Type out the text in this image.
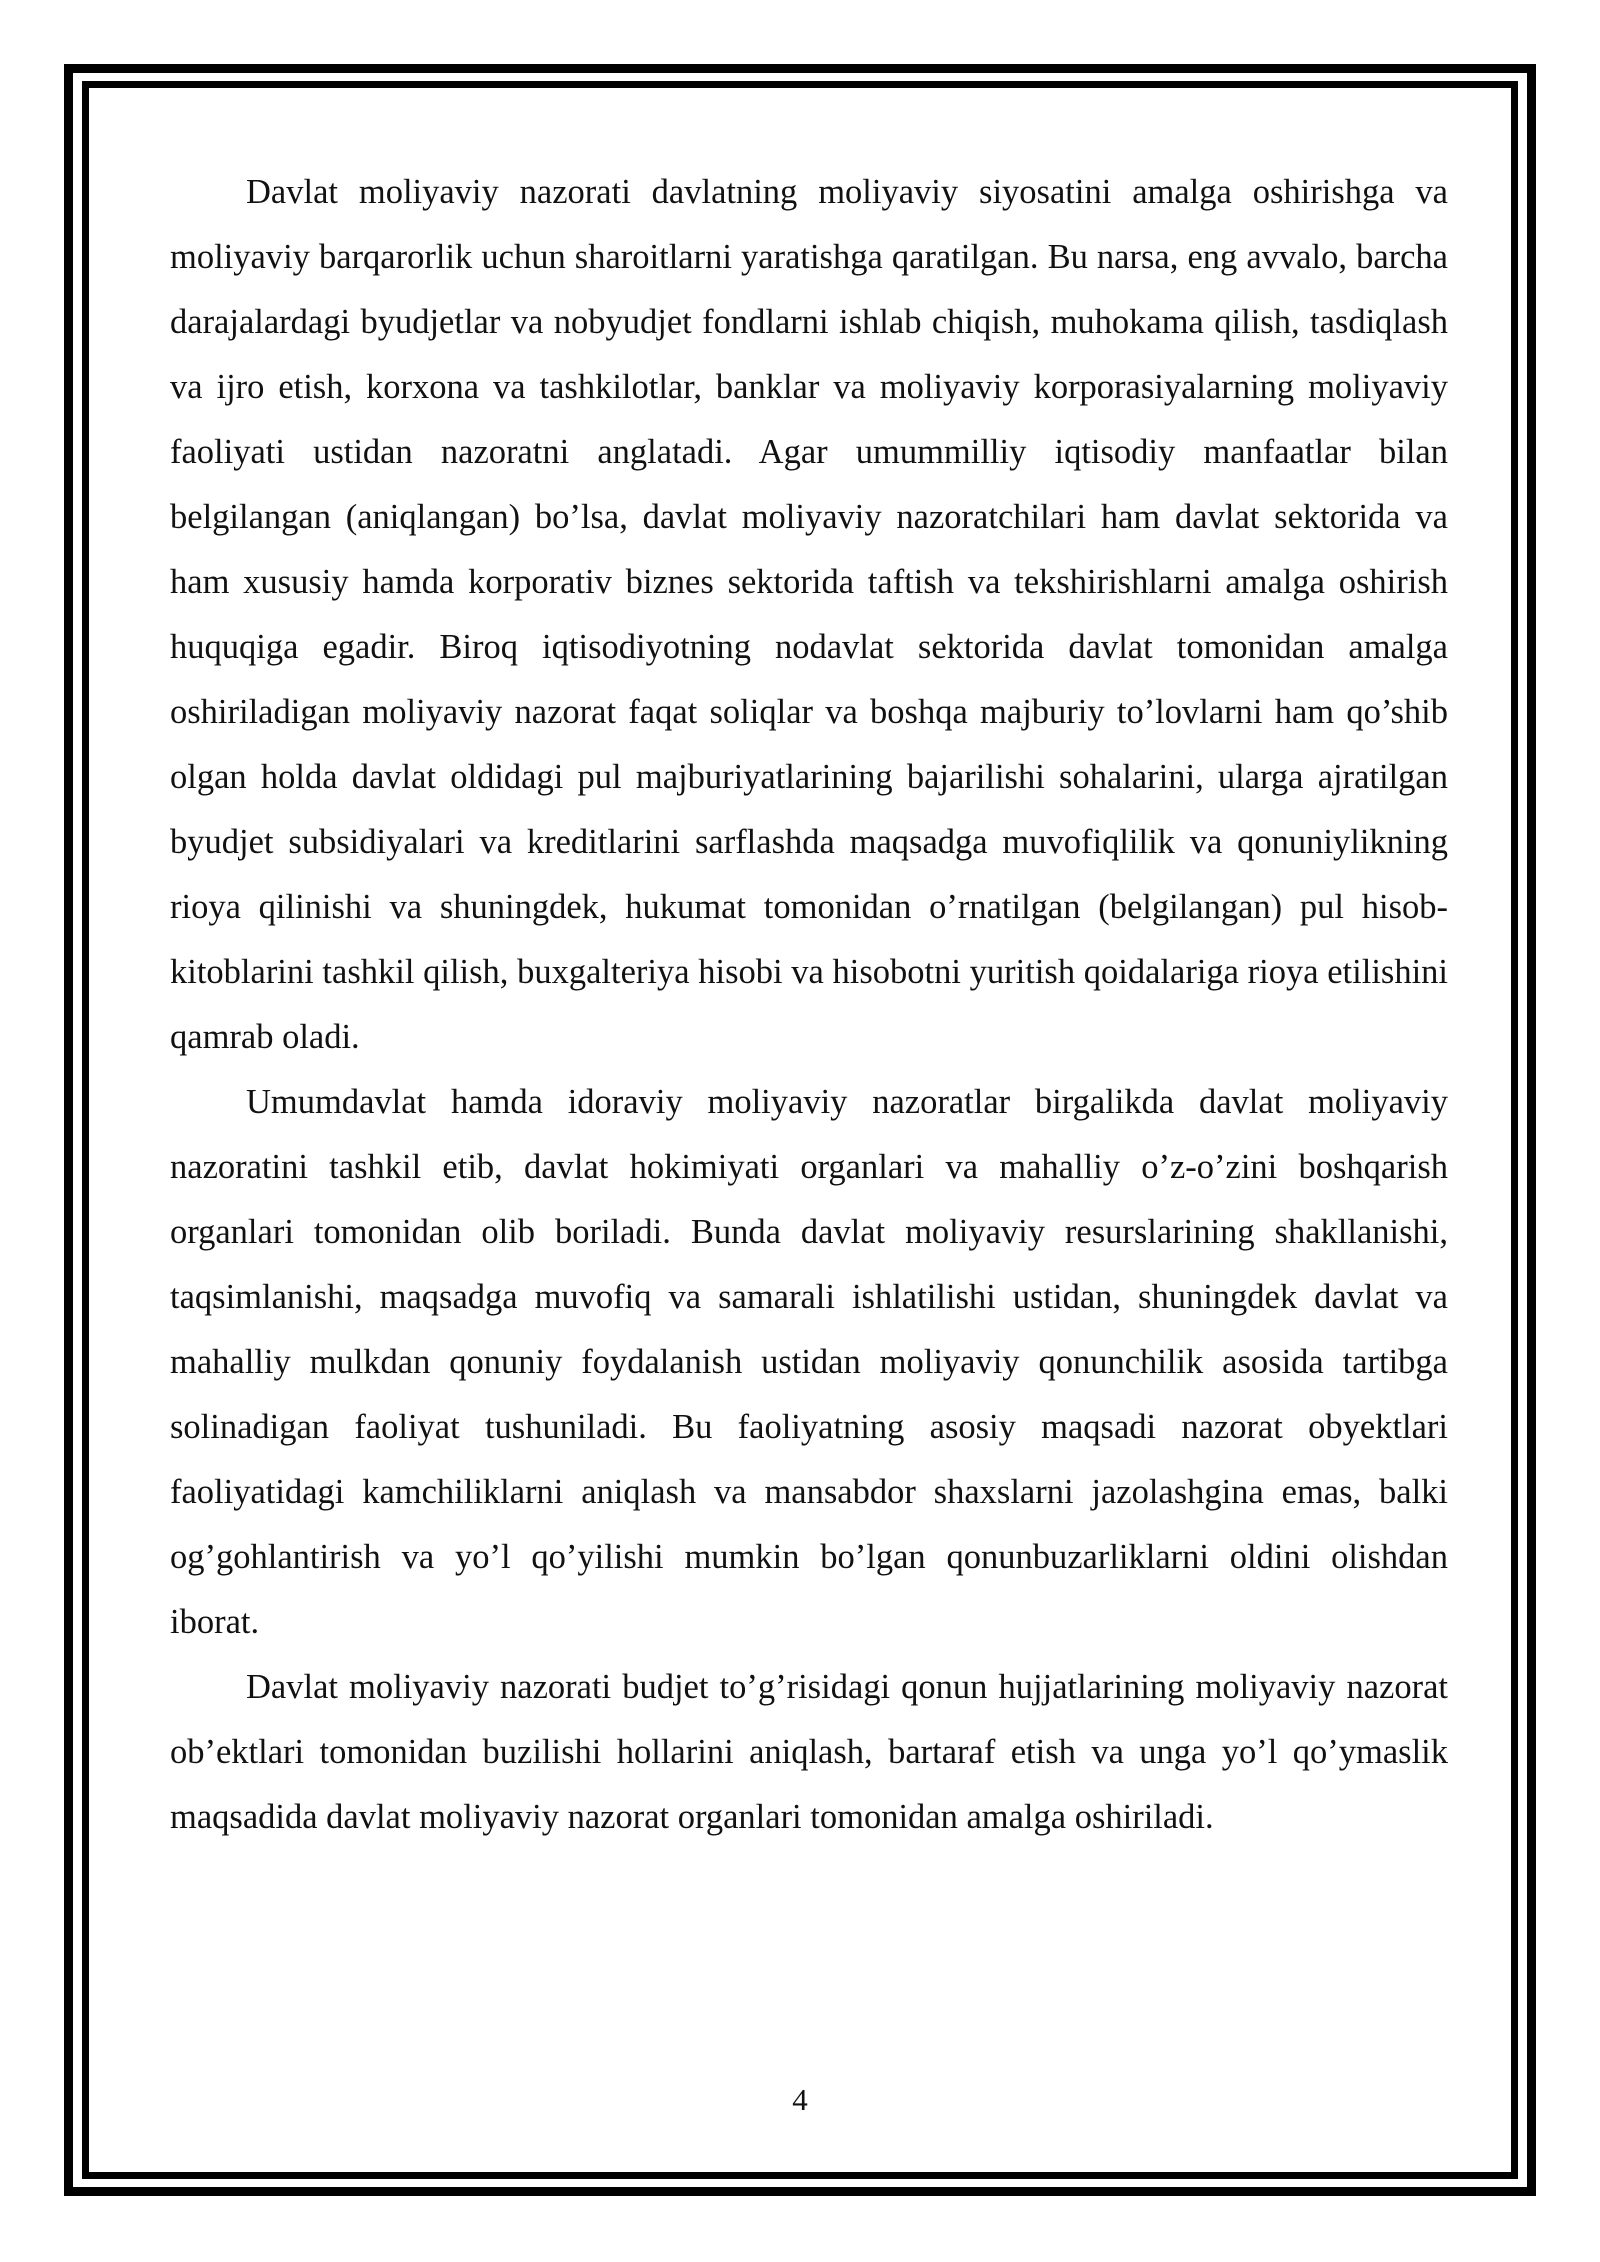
Davlat moliyaviy nazorati davlatning moliyaviy siyosatini amalga oshirishga va moliyaviy barqarorlik uchun sharoitlarni yaratishga qaratilgan. Bu narsa, eng avvalo, barcha darajalardagi byudjetlar va nobyudjet fondlarni ishlab chiqish, muhokama qilish, tasdiqlash va ijro etish, korxona va tashkilotlar, banklar va moliyaviy korporasiyalarning moliyaviy faoliyati ustidan nazoratni anglatadi. Agar umummilliy iqtisodiy manfaatlar bilan belgilangan (aniqlangan) bo’lsa, davlat moliyaviy nazoratchilari ham davlat sektorida va ham xususiy hamda korporativ biznes sektorida taftish va tekshirishlarni amalga oshirish huquqiga egadir. Biroq iqtisodiyotning nodavlat sektorida davlat tomonidan amalga oshiriladigan moliyaviy nazorat faqat soliqlar va boshqa majburiy to’lovlarni ham qo’shib olgan holda davlat oldidagi pul majburiyatlarining bajarilishi sohalarini, ularga ajratilgan byudjet subsidiyalari va kreditlarini sarflashda maqsadga muvofiqlilik va qonuniylikning rioya qilinishi va shuningdek, hukumat tomonidan o’rnatilgan (belgilangan) pul hisob-kitoblarini tashkil qilish, buxgalteriya hisobi va hisobotni yuritish qoidalariga rioya etilishini qamrab oladi.

Umumdavlat hamda idoraviy moliyaviy nazoratlar birgalikda davlat moliyaviy nazoratini tashkil etib, davlat hokimiyati organlari va mahalliy o’z-o’zini boshqarish organlari tomonidan olib boriladi. Bunda davlat moliyaviy resurslarining shakllanishi, taqsimlanishi, maqsadga muvofiq va samarali ishlatilishi ustidan, shuningdek davlat va mahalliy mulkdan qonuniy foydalanish ustidan moliyaviy qonunchilik asosida tartibga solinadigan faoliyat tushuniladi. Bu faoliyatning asosiy maqsadi nazorat obyektlari faoliyatidagi kamchiliklarni aniqlash va mansabdor shaxslarni jazolashgina emas, balki og’gohlantirish va yo’l qo’yilishi mumkin bo’lgan qonunbuzarliklarni oldini olishdan iborat.

Davlat moliyaviy nazorati budjet to’g’risidagi qonun hujjatlarining moliyaviy nazorat ob’ektlari tomonidan buzilishi hollarini aniqlash, bartaraf etish va unga yo’l qo’ymaslik maqsadida davlat moliyaviy nazorat organlari tomonidan amalga oshiriladi.

4
